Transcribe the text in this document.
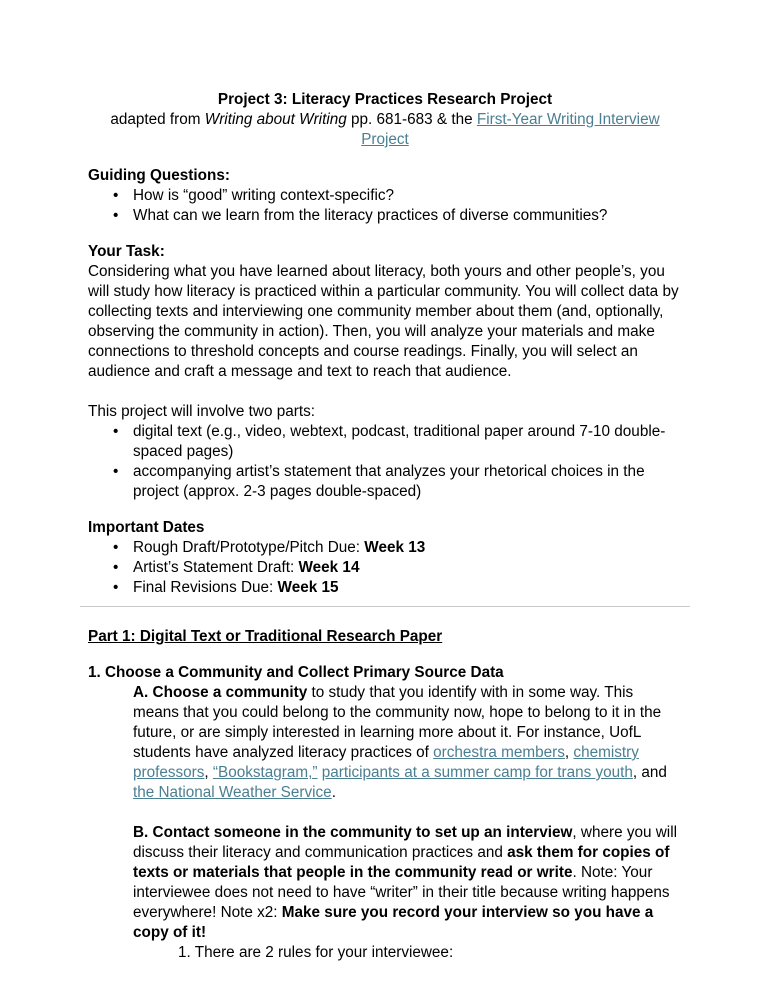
Project 3: Literacy Practices Research Project

adapted from Writing about Writing pp. 681-683 & the First-Year Writing Interview Project

Guiding Questions:

• How is “good” writing context-specific?
• What can we learn from the literacy practices of diverse communities?

Your Task:

Considering what you have learned about literacy, both yours and other people’s, you will study how literacy is practiced within a particular community. You will collect data by collecting texts and interviewing one community member about them (and, optionally, observing the community in action). Then, you will analyze your materials and make connections to threshold concepts and course readings. Finally, you will select an audience and craft a message and text to reach that audience.

This project will involve two parts:

• digital text (e.g., video, webtext, podcast, traditional paper around 7-10 double-spaced pages)
• accompanying artist’s statement that analyzes your rhetorical choices in the project (approx. 2-3 pages double-spaced)

Important Dates

• Rough Draft/Prototype/Pitch Due: Week 13
• Artist’s Statement Draft: Week 14
• Final Revisions Due: Week 15

Part 1: Digital Text or Traditional Research Paper

1. Choose a Community and Collect Primary Source Data

A. Choose a community to study that you identify with in some way. This means that you could belong to the community now, hope to belong to it in the future, or are simply interested in learning more about it. For instance, UofL students have analyzed literacy practices of orchestra members, chemistry professors, “Bookstagram,” participants at a summer camp for trans youth, and the National Weather Service.

B. Contact someone in the community to set up an interview, where you will discuss their literacy and communication practices and ask them for copies of texts or materials that people in the community read or write. Note: Your interviewee does not need to have “writer” in their title because writing happens everywhere! Note x2: Make sure you record your interview so you have a copy of it!

1. There are 2 rules for your interviewee:
